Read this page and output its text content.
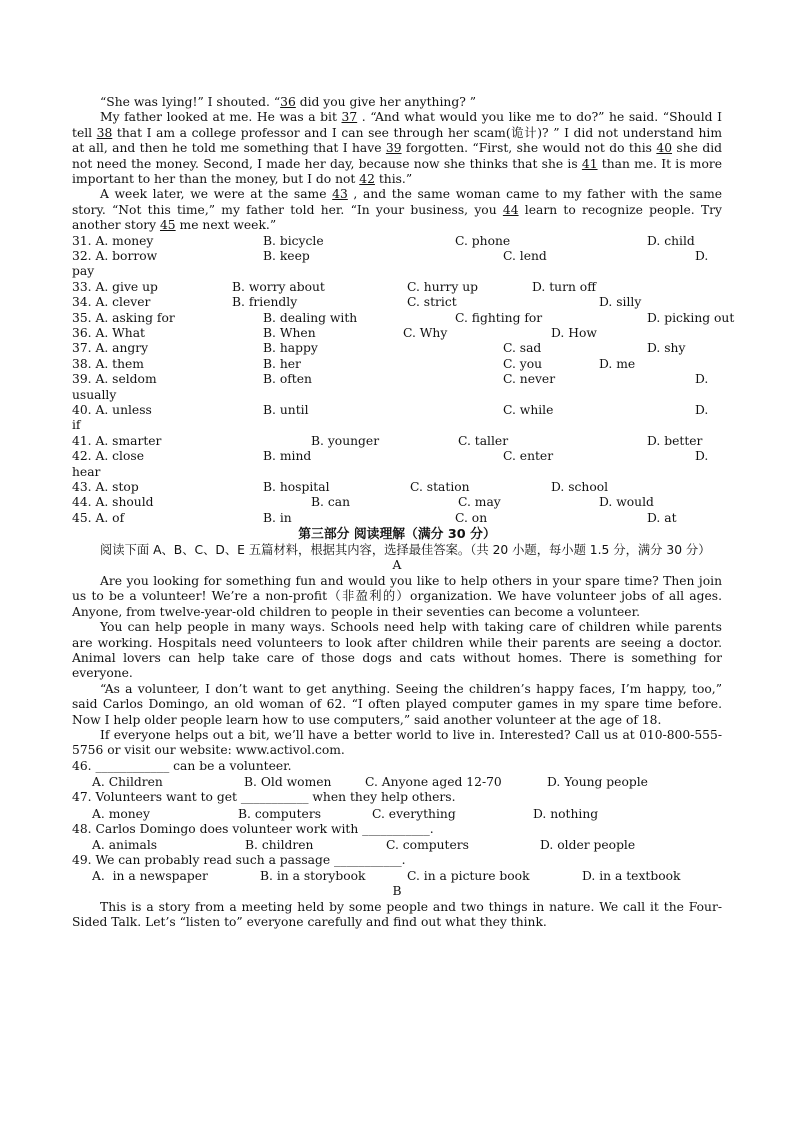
“She was lying!” I shouted. “36 did you give her anything? ”

My father looked at me. He was a bit 37 . “And what would you like me to do?” he said. “Should I tell 38 that I am a college professor and I can see through her scam(诡计)? ” I did not understand him at all, and then he told me something that I have 39 forgotten. “First, she would not do this 40 she did not need the money. Second, I made her day, because now she thinks that she is 41 than me. It is more important to her than the money, but I do not 42 this.”

A week later, we were at the same 43 , and the same woman came to my father with the same story. “Not this time,” my father told her. “In your business, you 44 learn to recognize people. Try another story 45 me next week.”

31. A. money	B. bicycle	C. phone	D. child
32. A. borrow	B. keep	C. lend	D.
pay
33. A. give up	B. worry about	C. hurry up	D. turn off
34. A. clever	B. friendly	C. strict	D. silly
35. A. asking for	B. dealing with	C. fighting for	D. picking out
36. A. What	B. When	C. Why	D. How
37. A. angry	B. happy	C. sad	D. shy
38. A. them	B. her	C. you	D. me
39. A. seldom	B. often	C. never	D.
usually
40. A. unless	B. until	C. while	D.
if
41. A. smarter	B. younger	C. taller	D. better
42. A. close	B. mind	C. enter	D.
hear
43. A. stop	B. hospital	C. station	D. school
44. A. should	B. can	C. may	D. would
45. A. of	B. in	C. on	D. at
第三部分 阅读理解（满分 30 分）

阅读下面 A、B、C、D、E 五篇材料，根据其内容，选择最佳答案。（共 20 小题，每小题 1.5 分，满分 30 分）

A

Are you looking for something fun and would you like to help others in your spare time? Then join us to be a volunteer! We’re a non-profit（非盈利的）organization. We have volunteer jobs of all ages. Anyone, from twelve-year-old children to people in their seventies can become a volunteer.

You can help people in many ways. Schools need help with taking care of children while parents are working. Hospitals need volunteers to look after children while their parents are seeing a doctor. Animal lovers can help take care of those dogs and cats without homes. There is something for everyone.

“As a volunteer, I don’t want to get anything. Seeing the children’s happy faces, I’m happy, too,” said Carlos Domingo, an old woman of 62. “I often played computer games in my spare time before. Now I help older people learn how to use computers,” said another volunteer at the age of 18.

If everyone helps out a bit, we’ll have a better world to live in. Interested? Call us at 010-800-555-5756 or visit our website: www.activol.com.

46. ____________ can be a volunteer.

A. Children

	B. Old women

	C. Anyone aged 12-70

	D. Young people

47. Volunteers want to get ___________ when they help others.

A. money

	B. computers

	C. everything

	D. nothing

48. Carlos Domingo does volunteer work with ___________.

A. animals

	B. children

	C. computers

	D. older people

49. We can probably read such a passage ___________.

A.  in a newspaper

	B. in a storybook

	C. in a picture book

	D. in a textbook

B

This is a story from a meeting held by some people and two things in nature. We call it the Four-Sided Talk. Let’s “listen to” everyone carefully and find out what they think.
